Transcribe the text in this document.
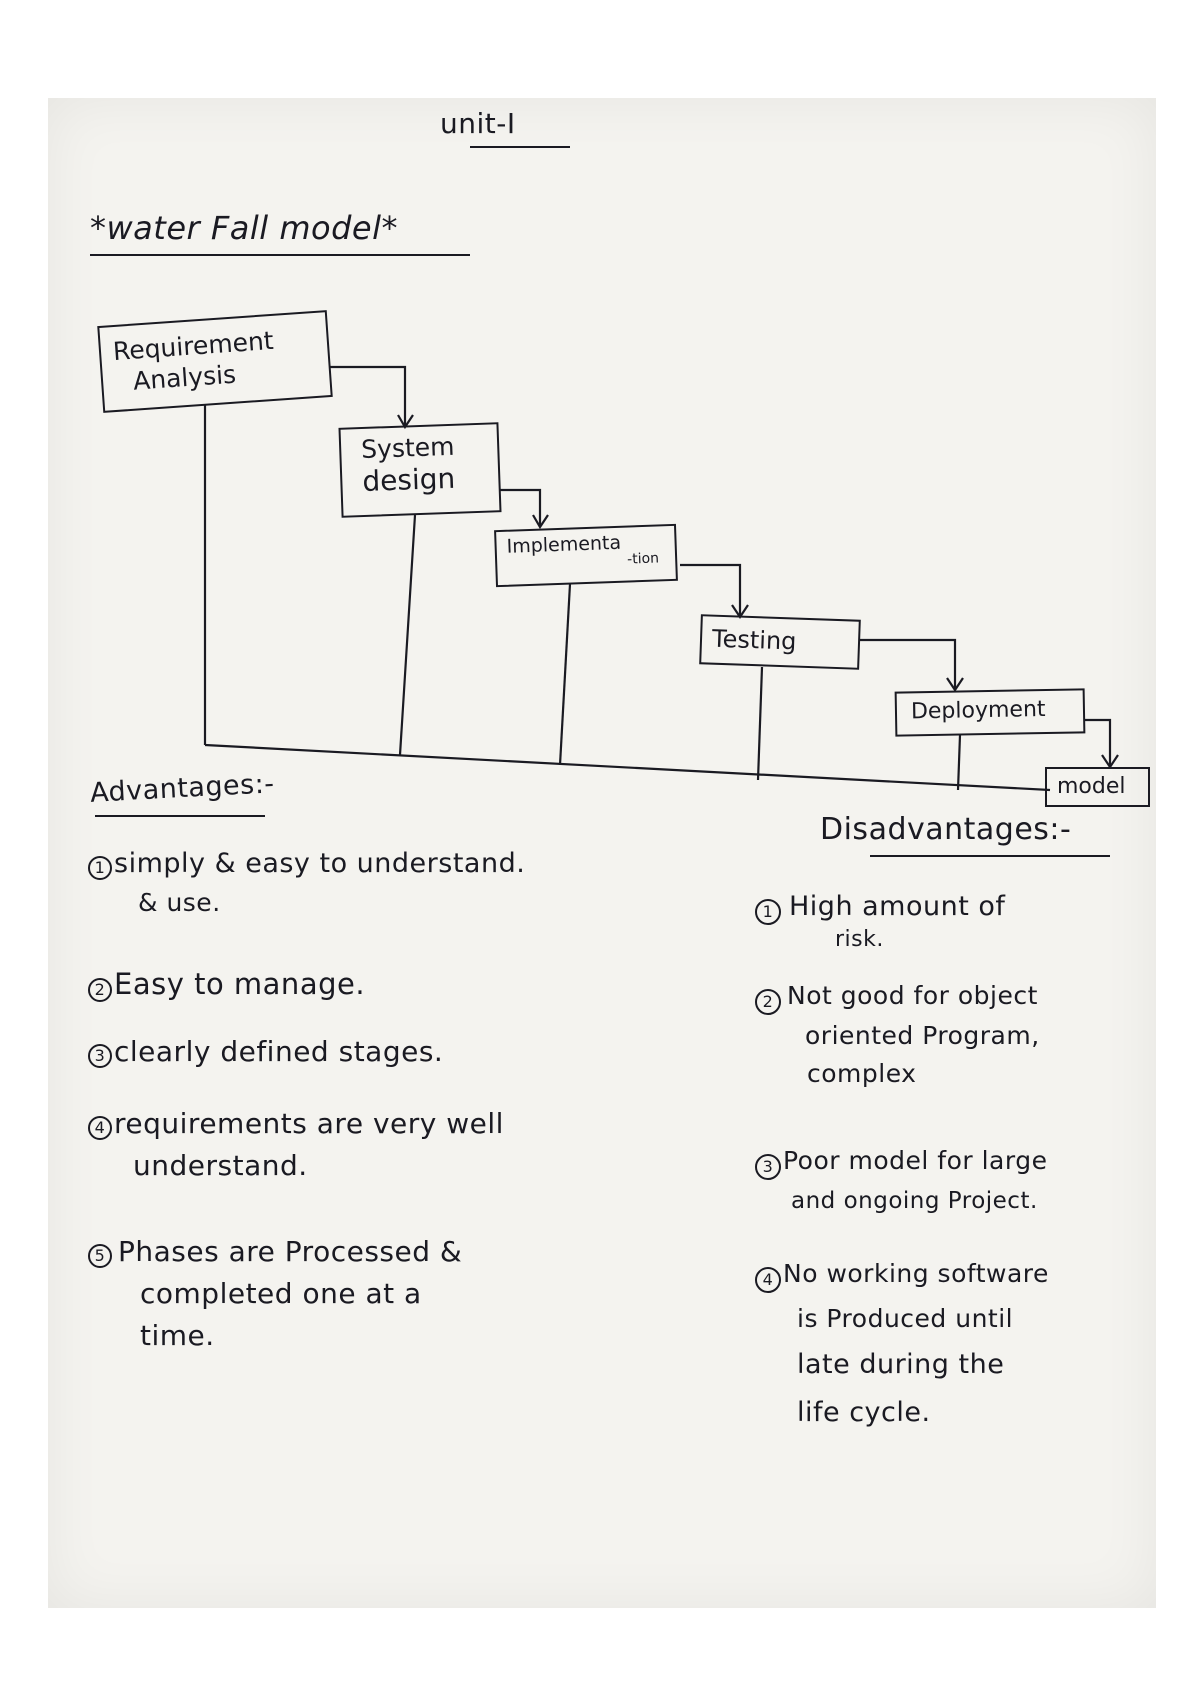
unit-I
*water Fall model*
Requirement
Analysis
System
design
Implementa
-tion
Testing
Deployment
model
Advantages:-
1 simply & easy to understand.
& use.
2 Easy to manage.
3 clearly defined stages.
4 requirements are very well
understand.
5 Phases are Processed &
completed one at a
time.
Disadvantages:-
1 High amount of
risk.
2 Not good for object
oriented Program,
complex
3 Poor model for large
and ongoing Project.
4 No working software
is Produced until
late during the
life cycle.
